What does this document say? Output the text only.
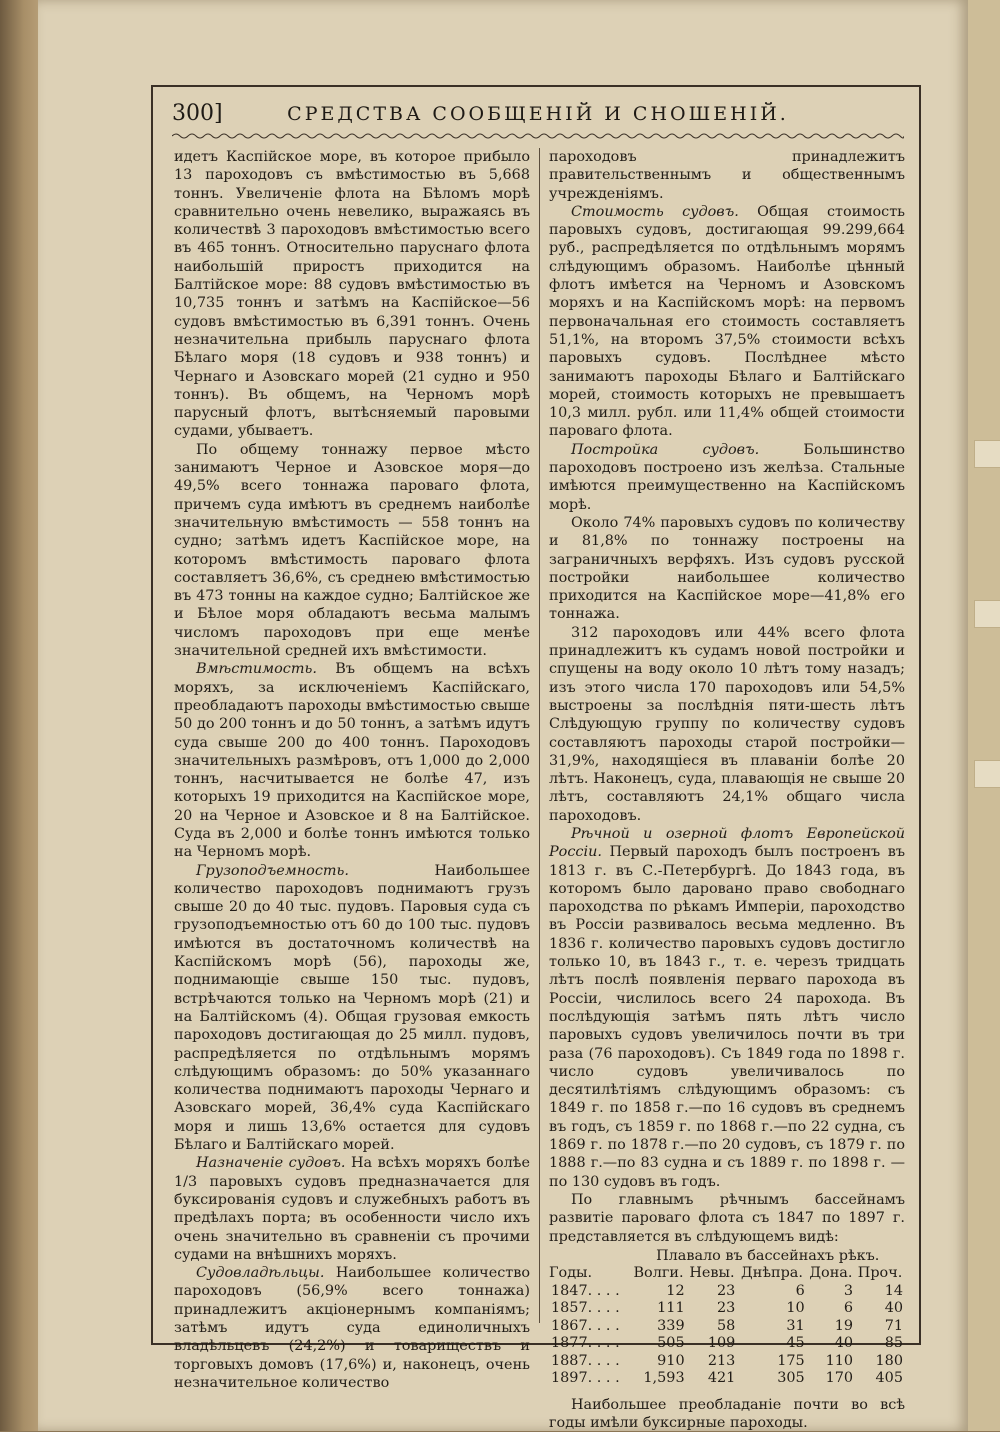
300]	СРЕДСТВА СООБЩЕНІЙ И СНОШЕНІЙ.

идетъ Каспійское море, въ которое прибыло 13 пароходовъ съ вмѣстимостью въ 5,668 тоннъ. Увеличеніе флота на Бѣломъ морѣ сравнительно очень невелико, выражаясь въ количествѣ 3 пароходовъ вмѣстимостью всего въ 465 тоннъ. Относительно паруснаго флота наибольшій приростъ приходится на Балтійское море: 88 судовъ вмѣстимостью въ 10,735 тоннъ и затѣмъ на Каспійское—56 судовъ вмѣстимостью въ 6,391 тоннъ. Очень незначительна прибыль паруснаго флота Бѣлаго моря (18 судовъ и 938 тоннъ) и Чернаго и Азовскаго морей (21 судно и 950 тоннъ). Въ общемъ, на Черномъ морѣ парусный флотъ, вытѣсняемый паровыми судами, убываетъ.

По общему тоннажу первое мѣсто занимаютъ Черное и Азовское моря—до 49,5% всего тоннажа пароваго флота, причемъ суда имѣютъ въ среднемъ наиболѣе значительную вмѣстимость — 558 тоннъ на судно; затѣмъ идетъ Каспійское море, на которомъ вмѣстимость пароваго флота составляетъ 36,6%, съ среднею вмѣстимостью въ 473 тонны на каждое судно; Балтійское же и Бѣлое моря обладаютъ весьма малымъ числомъ пароходовъ при еще менѣе значительной средней ихъ вмѣстимости.

Вмѣстимость. Въ общемъ на всѣхъ моряхъ, за исключеніемъ Каспійскаго, преобладаютъ пароходы вмѣстимостью свыше 50 до 200 тоннъ и до 50 тоннъ, а затѣмъ идутъ суда свыше 200 до 400 тоннъ. Пароходовъ значительныхъ размѣровъ, отъ 1,000 до 2,000 тоннъ, насчитывается не болѣе 47, изъ которыхъ 19 приходится на Каспійское море, 20 на Черное и Азовское и 8 на Балтійское. Суда въ 2,000 и болѣе тоннъ имѣются только на Черномъ морѣ.

Грузоподъемность. Наибольшее количество пароходовъ поднимаютъ грузъ свыше 20 до 40 тыс. пудовъ. Паровыя суда съ грузоподъемностью отъ 60 до 100 тыс. пудовъ имѣются въ достаточномъ количествѣ на Каспійскомъ морѣ (56), пароходы же, поднимающіе свыше 150 тыс. пудовъ, встрѣчаются только на Черномъ морѣ (21) и на Балтійскомъ (4). Общая грузовая емкость пароходовъ достигающая до 25 милл. пудовъ, распредѣляется по отдѣльнымъ морямъ слѣдующимъ образомъ: до 50% указаннаго количества поднимаютъ пароходы Чернаго и Азовскаго морей, 36,4% суда Каспійскаго моря и лишь 13,6% остается для судовъ Бѣлаго и Балтійскаго морей.

Назначеніе судовъ. На всѣхъ моряхъ болѣе 1/3 паровыхъ судовъ предназначается для буксированія судовъ и служебныхъ работъ въ предѣлахъ порта; въ особенности число ихъ очень значительно въ сравненіи съ прочими судами на внѣшнихъ моряхъ.

Судовладѣльцы. Наибольшее количество пароходовъ (56,9% всего тоннажа) принадлежитъ акціонернымъ компаніямъ; затѣмъ идутъ суда единоличныхъ владѣльцевъ (24,2%) и товариществъ и торговыхъ домовъ (17,6%) и, наконецъ, очень незначительное количество

пароходовъ принадлежитъ правительственнымъ и общественнымъ учрежденіямъ.

Стоимость судовъ. Общая стоимость паровыхъ судовъ, достигающая 99.299,664 руб., распредѣляется по отдѣльнымъ морямъ слѣдующимъ образомъ. Наиболѣе цѣнный флотъ имѣется на Черномъ и Азовскомъ моряхъ и на Каспійскомъ морѣ: на первомъ первоначальная его стоимость составляетъ 51,1%, на второмъ 37,5% стоимости всѣхъ паровыхъ судовъ. Послѣднее мѣсто занимаютъ пароходы Бѣлаго и Балтійскаго морей, стоимость которыхъ не превышаетъ 10,3 милл. рубл. или 11,4% общей стоимости пароваго флота.

Постройка судовъ. Большинство пароходовъ построено изъ желѣза. Стальные имѣются преимущественно на Каспійскомъ морѣ.

Около 74% паровыхъ судовъ по количеству и 81,8% по тоннажу построены на заграничныхъ верфяхъ. Изъ судовъ русской постройки наибольшее количество приходится на Каспійское море—41,8% его тоннажа.

312 пароходовъ или 44% всего флота принадлежитъ къ судамъ новой постройки и спущены на воду около 10 лѣтъ тому назадъ; изъ этого числа 170 пароходовъ или 54,5% выстроены за послѣднія пяти-шесть лѣтъ Слѣдующую группу по количеству судовъ составляютъ пароходы старой постройки—31,9%, находящіеся въ плаваніи болѣе 20 лѣтъ. Наконецъ, суда, плавающія не свыше 20 лѣтъ, составляютъ 24,1% общаго числа пароходовъ.

Рѣчной и озерной флотъ Европейской Россіи. Первый пароходъ былъ построенъ въ 1813 г. въ С.-Петербургѣ. До 1843 года, въ которомъ было даровано право свободнаго пароходства по рѣкамъ Имперіи, пароходство въ Россіи развивалось весьма медленно. Въ 1836 г. количество паровыхъ судовъ достигло только 10, въ 1843 г., т. е. черезъ тридцать лѣтъ послѣ появленія перваго парохода въ Россіи, числилось всего 24 парохода. Въ послѣдующія затѣмъ пять лѣтъ число паровыхъ судовъ увеличилось почти въ три раза (76 пароходовъ). Съ 1849 года по 1898 г. число судовъ увеличивалось по десятилѣтіямъ слѣдующимъ образомъ: съ 1849 г. по 1858 г.—по 16 судовъ въ среднемъ въ годъ, съ 1859 г. по 1868 г.—по 22 судна, съ 1869 г. по 1878 г.—по 20 судовъ, съ 1879 г. по 1888 г.—по 83 судна и съ 1889 г. по 1898 г. — по 130 судовъ въ годъ.

По главнымъ рѣчнымъ бассейнамъ развитіе пароваго флота съ 1847 по 1897 г. представляется въ слѣдующемъ видѣ:

Годы.	Плавало въ бассейнахъ рѣкъ.				
	Волги.	Невы.	Днѣпра.	Дона.	Проч.
1847. . . .	12	23	6	3	14
1857. . . .	111	23	10	6	40
1867. . . .	339	58	31	19	71
1877. . . .	505	109	45	40	85
1887. . . .	910	213	175	110	180
1897. . . .	1,593	421	305	170	405

Наибольшее преобладаніе почти во всѣ годы имѣли буксирные пароходы.
